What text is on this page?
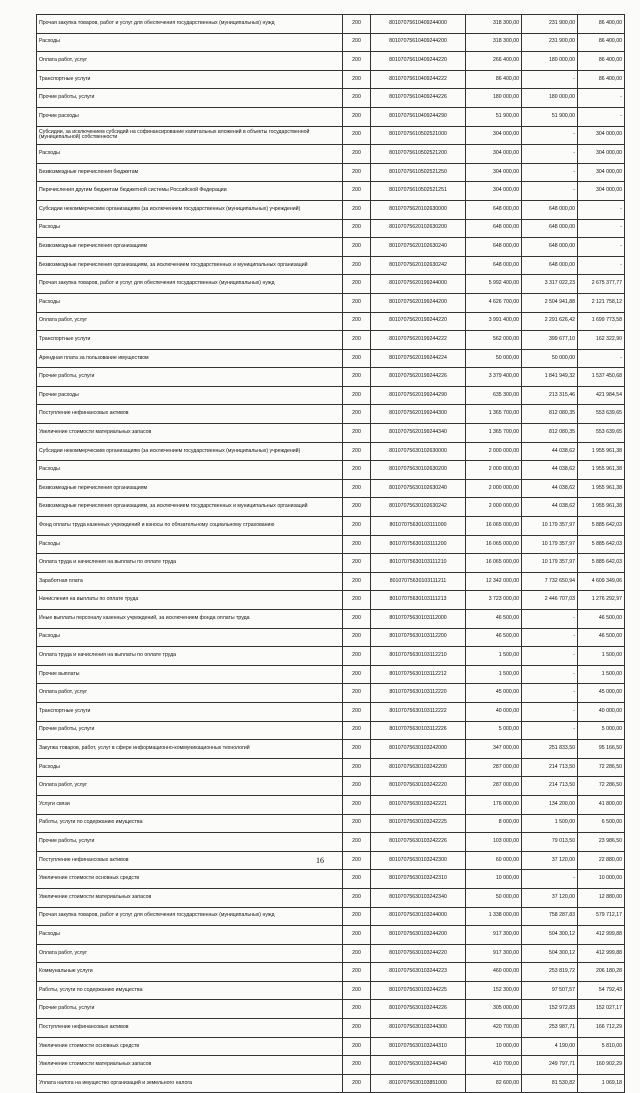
Прочая закупка товаров, работ и услуг для обеспечения государственных (муниципальных) нужд	200	80107075610409244000	318 300,00	231 900,00	86 400,00
Расходы	200	80107075610409244200	318 300,00	231 900,00	86 400,00
Оплата работ, услуг	200	80107075610409244220	266 400,00	180 000,00	86 400,00
Транспортные услуги	200	80107075610409244222	86 400,00	-	86 400,00
Прочие работы, услуги	200	80107075610409244226	180 000,00	180 000,00	-
Прочие расходы	200	80107075610409244290	51 900,00	51 900,00	-
Субсидии, за исключением субсидий на софинансирование капитальных вложений в объекты государственной (муниципальной) собственности	200	80107075610502521000	304 000,00	-	304 000,00
Расходы	200	80107075610502521200	304 000,00	-	304 000,00
Безвозмездные перечисления бюджетам	200	80107075610502521250	304 000,00	-	304 000,00
Перечисления другим бюджетам бюджетной системы Российской Федерации	200	80107075610502521251	304 000,00	-	304 000,00
Субсидии некоммерческим организациям (за исключением государственных (муниципальных) учреждений)	200	80107075620102630000	648 000,00	648 000,00	-
Расходы	200	80107075620102630200	648 000,00	648 000,00	-
Безвозмездные перечисления организациям	200	80107075620102630240	648 000,00	648 000,00	-
Безвозмездные перечисления организациям, за исключением государственных и муниципальных организаций	200	80107075620102630242	648 000,00	648 000,00	-
Прочая закупка товаров, работ и услуг для обеспечения государственных (муниципальных) нужд	200	80107075620199244000	5 992 400,00	3 317 022,23	2 675 377,77
Расходы	200	80107075620199244200	4 626 700,00	2 504 941,88	2 121 758,12
Оплата работ, услуг	200	80107075620199244220	3 991 400,00	2 291 626,42	1 699 773,58
Транспортные услуги	200	80107075620199244222	562 000,00	399 677,10	162 322,90
Арендная плата за пользование имуществом	200	80107075620199244224	50 000,00	50 000,00	-
Прочие работы, услуги	200	80107075620199244226	3 379 400,00	1 841 949,32	1 537 450,68
Прочие расходы	200	80107075620199244290	635 300,00	213 315,46	421 984,54
Поступление нефинансовых активов	200	80107075620199244300	1 365 700,00	812 080,35	553 639,65
Увеличение стоимости материальных запасов	200	80107075620199244340	1 365 700,00	812 080,35	553 639,65
Субсидии некоммерческим организациям (за исключением государственных (муниципальных) учреждений)	200	80107075630102630000	2 000 000,00	44 038,62	1 955 961,38
Расходы	200	80107075630102630200	2 000 000,00	44 038,62	1 955 961,38
Безвозмездные перечисления организациям	200	80107075630102630240	2 000 000,00	44 038,62	1 955 961,38
Безвозмездные перечисления организациям, за исключением государственных и муниципальных организаций	200	80107075630102630242	2 000 000,00	44 038,62	1 955 961,38
Фонд оплаты труда казенных учреждений и взносы по обязательному социальному страхованию	200	80107075630103111000	16 065 000,00	10 179 357,97	5 885 642,03
Расходы	200	80107075630103111200	16 065 000,00	10 179 357,97	5 885 642,03
Оплата труда и начисления на выплаты по оплате труда	200	80107075630103111210	16 065 000,00	10 179 357,97	5 885 642,03
Заработная плата	200	80107075630103111211	12 342 000,00	7 732 650,94	4 609 349,06
Начисления на выплаты по оплате труда	200	80107075630103111213	3 723 000,00	2 446 707,03	1 276 292,97
Иные выплаты персоналу казенных учреждений, за исключением фонда оплаты труда	200	80107075630103112000	46 500,00	-	46 500,00
Расходы	200	80107075630103112200	46 500,00	-	46 500,00
Оплата труда и начисления на выплаты по оплате труда	200	80107075630103112210	1 500,00	-	1 500,00
Прочие выплаты	200	80107075630103112212	1 500,00	-	1 500,00
Оплата работ, услуг	200	80107075630103112220	45 000,00	-	45 000,00
Транспортные услуги	200	80107075630103112222	40 000,00	-	40 000,00
Прочие работы, услуги	200	80107075630103112226	5 000,00	-	5 000,00
Закупка товаров, работ, услуг в сфере информационно-коммуникационных технологий	200	80107075630103242000	347 000,00	251 833,50	95 166,50
Расходы	200	80107075630103242200	287 000,00	214 713,50	72 286,50
Оплата работ, услуг	200	80107075630103242220	287 000,00	214 713,50	72 286,50
Услуги связи	200	80107075630103242221	176 000,00	134 200,00	41 800,00
Работы, услуги по содержанию имущества	200	80107075630103242225	8 000,00	1 500,00	6 500,00
Прочие работы, услуги	200	80107075630103242226	103 000,00	79 013,50	23 986,50
Поступление нефинансовых активов	200	80107075630103242300	60 000,00	37 120,00	22 880,00
Увеличение стоимости основных средств	200	80107075630103242310	10 000,00	-	10 000,00
Увеличение стоимости материальных запасов	200	80107075630103242340	50 000,00	37 120,00	12 880,00
Прочая закупка товаров, работ и услуг для обеспечения государственных (муниципальных) нужд	200	80107075630103244000	1 338 000,00	758 287,83	579 712,17
Расходы	200	80107075630103244200	917 300,00	504 300,12	412 999,88
Оплата работ, услуг	200	80107075630103244220	917 300,00	504 300,12	412 999,88
Коммунальные услуги	200	80107075630103244223	460 000,00	253 819,72	206 180,28
Работы, услуги по содержанию имущества	200	80107075630103244225	152 300,00	97 507,57	54 792,43
Прочие работы, услуги	200	80107075630103244226	305 000,00	152 972,83	152 027,17
Поступление нефинансовых активов	200	80107075630103244300	420 700,00	253 987,71	166 712,29
Увеличение стоимости основных средств	200	80107075630103244310	10 000,00	4 190,00	5 810,00
Увеличение стоимости материальных запасов	200	80107075630103244340	410 700,00	249 797,71	160 902,29
Уплата налога на имущество организаций и земельного налога	200	80107075630103851000	82 600,00	81 530,82	1 069,18
16
